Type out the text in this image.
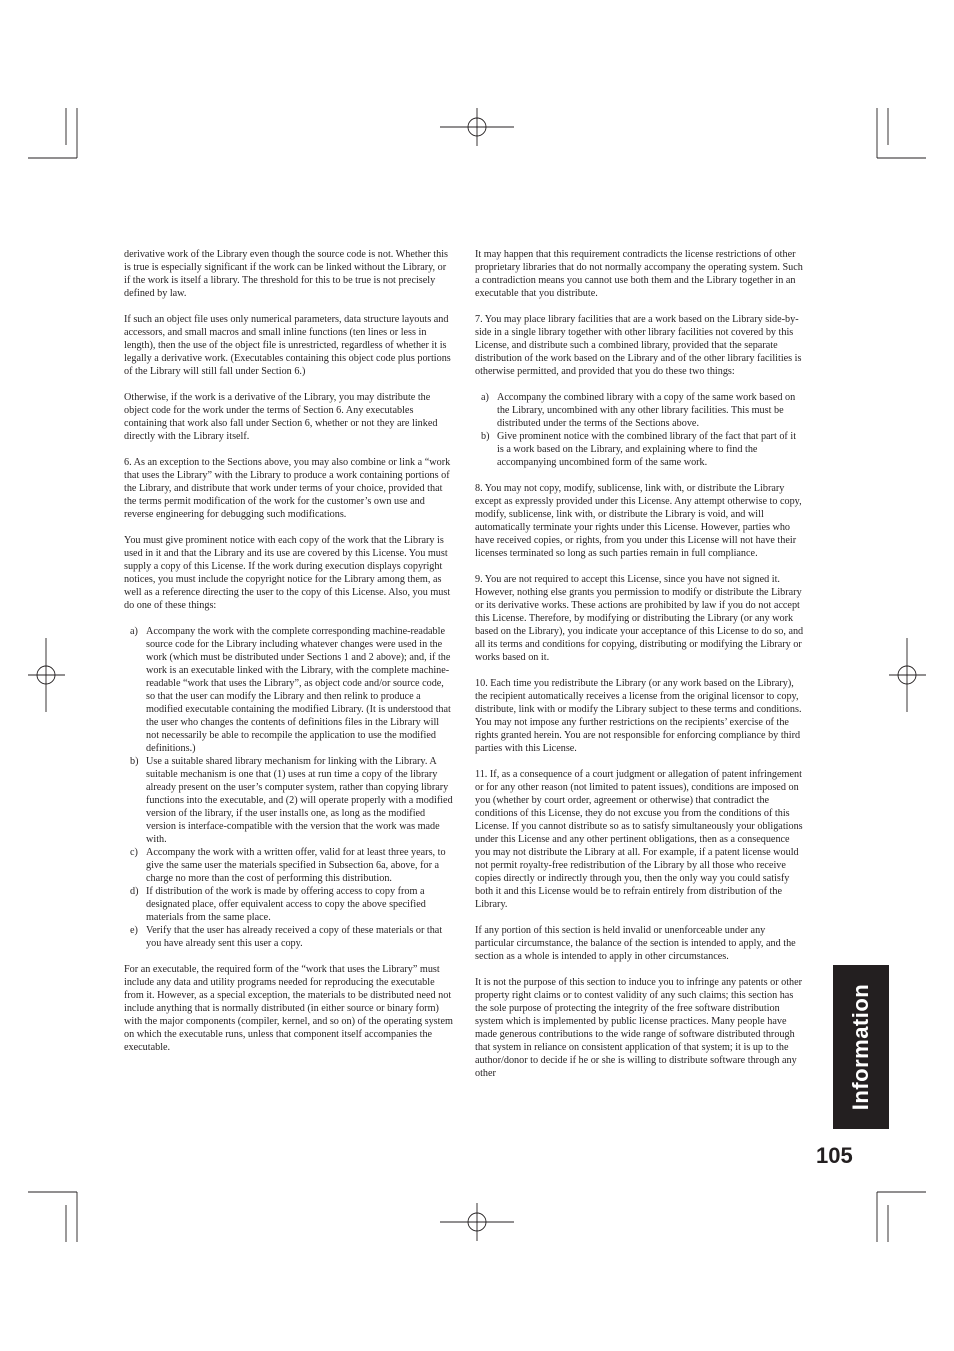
derivative work of the Library even though the source code is not. Whether this is true is especially significant if the work can be linked without the Library, or if the work is itself a library. The threshold for this to be true is not precisely defined by law.

If such an object file uses only numerical parameters, data structure layouts and accessors, and small macros and small inline functions (ten lines or less in length), then the use of the object file is unrestricted, regardless of whether it is legally a derivative work. (Executables containing this object code plus portions of the Library will still fall under Section 6.)

Otherwise, if the work is a derivative of the Library, you may distribute the object code for the work under the terms of Section 6. Any executables containing that work also fall under Section 6, whether or not they are linked directly with the Library itself.

6. As an exception to the Sections above, you may also combine or link a “work that uses the Library” with the Library to produce a work containing portions of the Library, and distribute that work under terms of your choice, provided that the terms permit modification of the work for the customer’s own use and reverse engineering for debugging such modifications.

You must give prominent notice with each copy of the work that the Library is used in it and that the Library and its use are covered by this License. You must supply a copy of this License. If the work during execution displays copyright notices, you must include the copyright notice for the Library among them, as well as a reference directing the user to the copy of this License. Also, you must do one of these things:

a) Accompany the work with the complete corresponding machine-readable source code for the Library including whatever changes were used in the work (which must be distributed under Sections 1 and 2 above); and, if the work is an executable linked with the Library, with the complete machine-readable “work that uses the Library”, as object code and/or source code, so that the user can modify the Library and then relink to produce a modified executable containing the modified Library. (It is understood that the user who changes the contents of definitions files in the Library will not necessarily be able to recompile the application to use the modified definitions.)
b) Use a suitable shared library mechanism for linking with the Library. A suitable mechanism is one that (1) uses at run time a copy of the library already present on the user’s computer system, rather than copying library functions into the executable, and (2) will operate properly with a modified version of the library, if the user installs one, as long as the modified version is interface-compatible with the version that the work was made with.
c) Accompany the work with a written offer, valid for at least three years, to give the same user the materials specified in Subsection 6a, above, for a charge no more than the cost of performing this distribution.
d) If distribution of the work is made by offering access to copy from a designated place, offer equivalent access to copy the above specified materials from the same place.
e) Verify that the user has already received a copy of these materials or that you have already sent this user a copy.

For an executable, the required form of the “work that uses the Library” must include any data and utility programs needed for reproducing the executable from it. However, as a special exception, the materials to be distributed need not include anything that is normally distributed (in either source or binary form) with the major components (compiler, kernel, and so on) of the operating system on which the executable runs, unless that component itself accompanies the executable.

It may happen that this requirement contradicts the license restrictions of other proprietary libraries that do not normally accompany the operating system. Such a contradiction means you cannot use both them and the Library together in an executable that you distribute.

7. You may place library facilities that are a work based on the Library side-by-side in a single library together with other library facilities not covered by this License, and distribute such a combined library, provided that the separate distribution of the work based on the Library and of the other library facilities is otherwise permitted, and provided that you do these two things:

a) Accompany the combined library with a copy of the same work based on the Library, uncombined with any other library facilities. This must be distributed under the terms of the Sections above.
b) Give prominent notice with the combined library of the fact that part of it is a work based on the Library, and explaining where to find the accompanying uncombined form of the same work.

8. You may not copy, modify, sublicense, link with, or distribute the Library except as expressly provided under this License. Any attempt otherwise to copy, modify, sublicense, link with, or distribute the Library is void, and will automatically terminate your rights under this License. However, parties who have received copies, or rights, from you under this License will not have their licenses terminated so long as such parties remain in full compliance.

9. You are not required to accept this License, since you have not signed it. However, nothing else grants you permission to modify or distribute the Library or its derivative works. These actions are prohibited by law if you do not accept this License. Therefore, by modifying or distributing the Library (or any work based on the Library), you indicate your acceptance of this License to do so, and all its terms and conditions for copying, distributing or modifying the Library or works based on it.

10. Each time you redistribute the Library (or any work based on the Library), the recipient automatically receives a license from the original licensor to copy, distribute, link with or modify the Library subject to these terms and conditions. You may not impose any further restrictions on the recipients’ exercise of the rights granted herein. You are not responsible for enforcing compliance by third parties with this License.

11. If, as a consequence of a court judgment or allegation of patent infringement or for any other reason (not limited to patent issues), conditions are imposed on you (whether by court order, agreement or otherwise) that contradict the conditions of this License, they do not excuse you from the conditions of this License. If you cannot distribute so as to satisfy simultaneously your obligations under this License and any other pertinent obligations, then as a consequence you may not distribute the Library at all. For example, if a patent license would not permit royalty-free redistribution of the Library by all those who receive copies directly or indirectly through you, then the only way you could satisfy both it and this License would be to refrain entirely from distribution of the Library.

If any portion of this section is held invalid or unenforceable under any particular circumstance, the balance of the section is intended to apply, and the section as a whole is intended to apply in other circumstances.

It is not the purpose of this section to induce you to infringe any patents or other property right claims or to contest validity of any such claims; this section has the sole purpose of protecting the integrity of the free software distribution system which is implemented by public license practices. Many people have made generous contributions to the wide range of software distributed through that system in reliance on consistent application of that system; it is up to the author/donor to decide if he or she is willing to distribute software through any other	Information
105
